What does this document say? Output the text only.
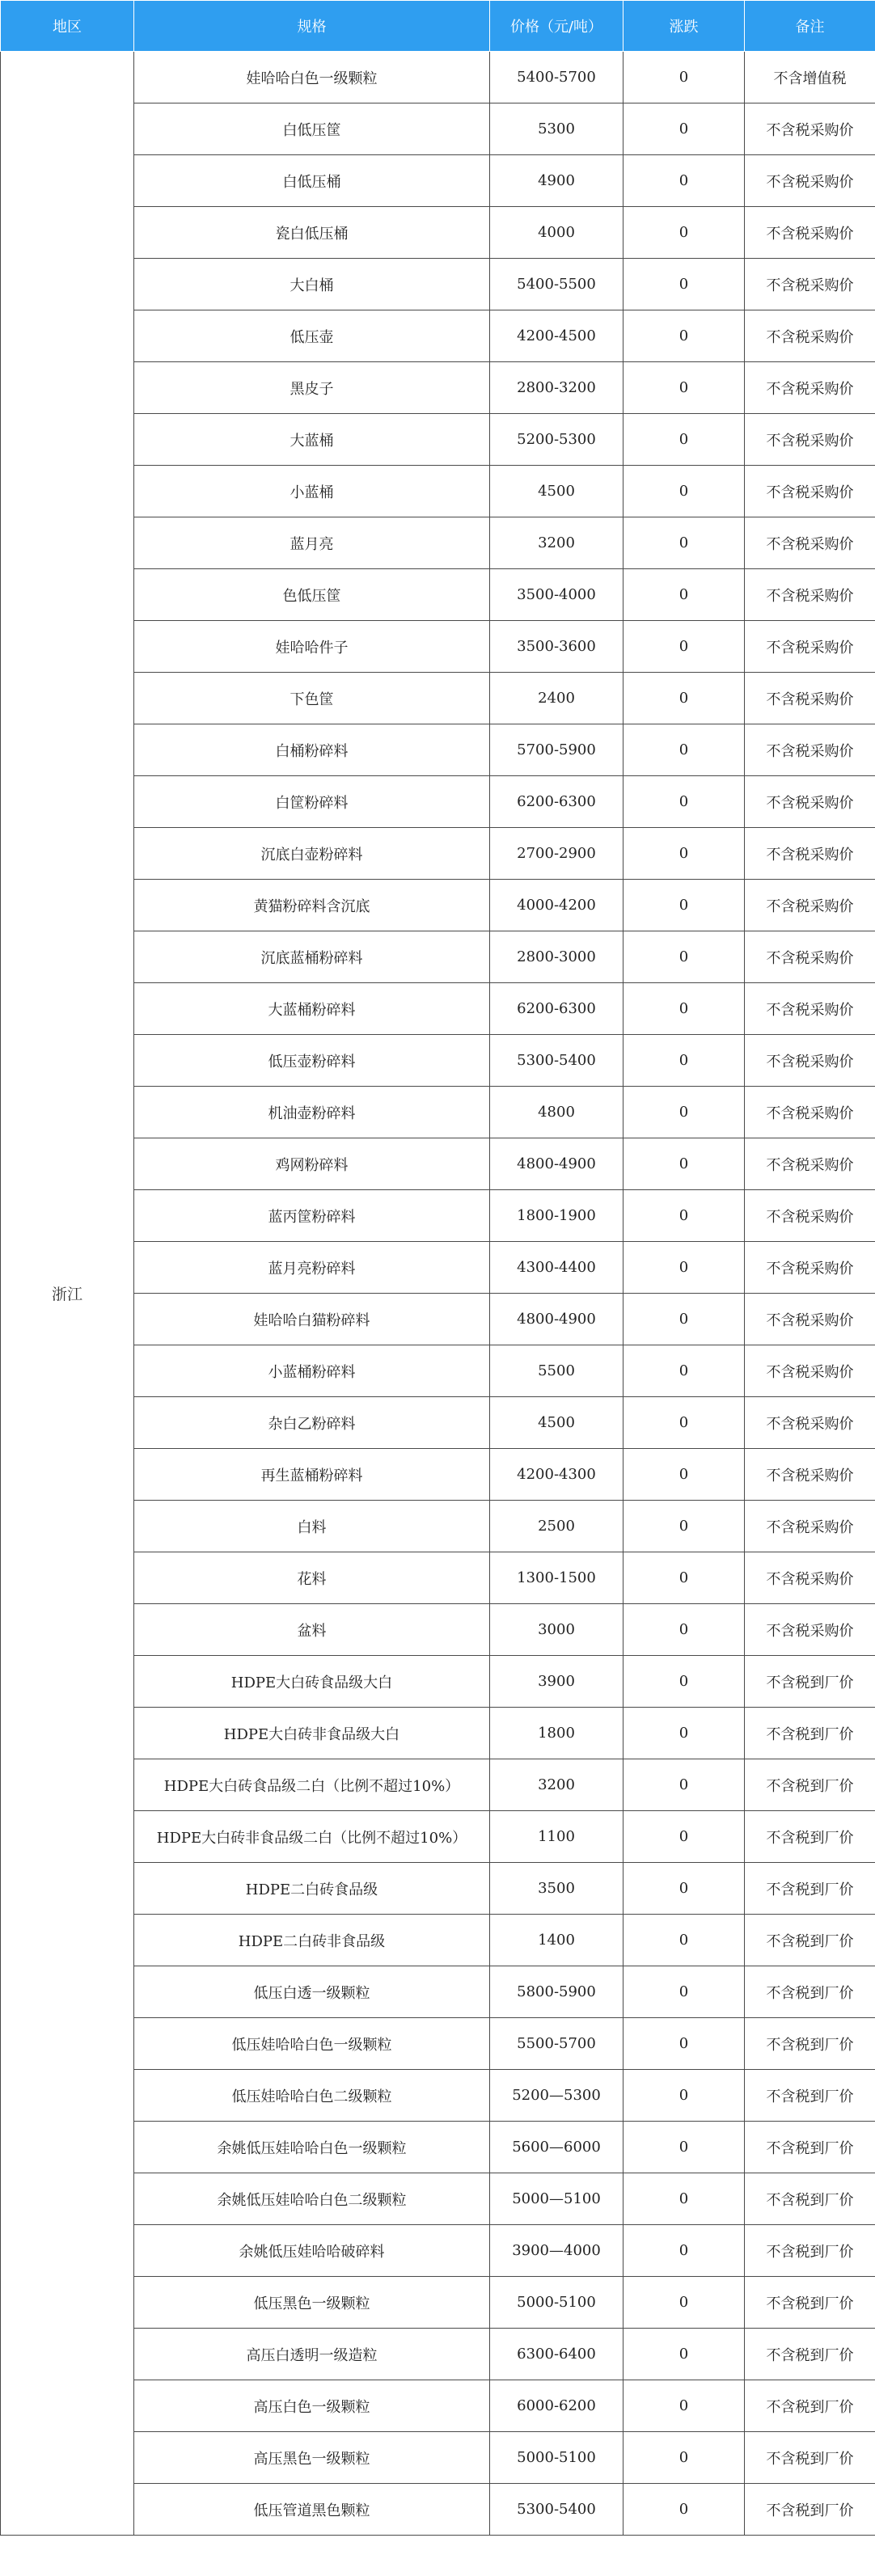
地区	规格	价格（元/吨）	涨跌	备注
浙江	娃哈哈白色一级颗粒	5400-5700	0	不含增值税
	白低压筐	5300	0	不含税采购价
	白低压桶	4900	0	不含税采购价
	瓷白低压桶	4000	0	不含税采购价
	大白桶	5400-5500	0	不含税采购价
	低压壶	4200-4500	0	不含税采购价
	黑皮子	2800-3200	0	不含税采购价
	大蓝桶	5200-5300	0	不含税采购价
	小蓝桶	4500	0	不含税采购价
	蓝月亮	3200	0	不含税采购价
	色低压筐	3500-4000	0	不含税采购价
	娃哈哈件子	3500-3600	0	不含税采购价
	下色筐	2400	0	不含税采购价
	白桶粉碎料	5700-5900	0	不含税采购价
	白筐粉碎料	6200-6300	0	不含税采购价
	沉底白壶粉碎料	2700-2900	0	不含税采购价
	黄猫粉碎料含沉底	4000-4200	0	不含税采购价
	沉底蓝桶粉碎料	2800-3000	0	不含税采购价
	大蓝桶粉碎料	6200-6300	0	不含税采购价
	低压壶粉碎料	5300-5400	0	不含税采购价
	机油壶粉碎料	4800	0	不含税采购价
	鸡网粉碎料	4800-4900	0	不含税采购价
	蓝丙筐粉碎料	1800-1900	0	不含税采购价
	蓝月亮粉碎料	4300-4400	0	不含税采购价
	娃哈哈白猫粉碎料	4800-4900	0	不含税采购价
	小蓝桶粉碎料	5500	0	不含税采购价
	杂白乙粉碎料	4500	0	不含税采购价
	再生蓝桶粉碎料	4200-4300	0	不含税采购价
	白料	2500	0	不含税采购价
	花料	1300-1500	0	不含税采购价
	盆料	3000	0	不含税采购价
	HDPE大白砖食品级大白	3900	0	不含税到厂价
	HDPE大白砖非食品级大白	1800	0	不含税到厂价
	HDPE大白砖食品级二白（比例不超过10%）	3200	0	不含税到厂价
	HDPE大白砖非食品级二白（比例不超过10%）	1100	0	不含税到厂价
	HDPE二白砖食品级	3500	0	不含税到厂价
	HDPE二白砖非食品级	1400	0	不含税到厂价
	低压白透一级颗粒	5800-5900	0	不含税到厂价
	低压娃哈哈白色一级颗粒	5500-5700	0	不含税到厂价
	低压娃哈哈白色二级颗粒	5200—5300	0	不含税到厂价
	余姚低压娃哈哈白色一级颗粒	5600—6000	0	不含税到厂价
	余姚低压娃哈哈白色二级颗粒	5000—5100	0	不含税到厂价
	余姚低压娃哈哈破碎料	3900—4000	0	不含税到厂价
	低压黑色一级颗粒	5000-5100	0	不含税到厂价
	高压白透明一级造粒	6300-6400	0	不含税到厂价
	高压白色一级颗粒	6000-6200	0	不含税到厂价
	高压黑色一级颗粒	5000-5100	0	不含税到厂价
	低压管道黑色颗粒	5300-5400	0	不含税到厂价
